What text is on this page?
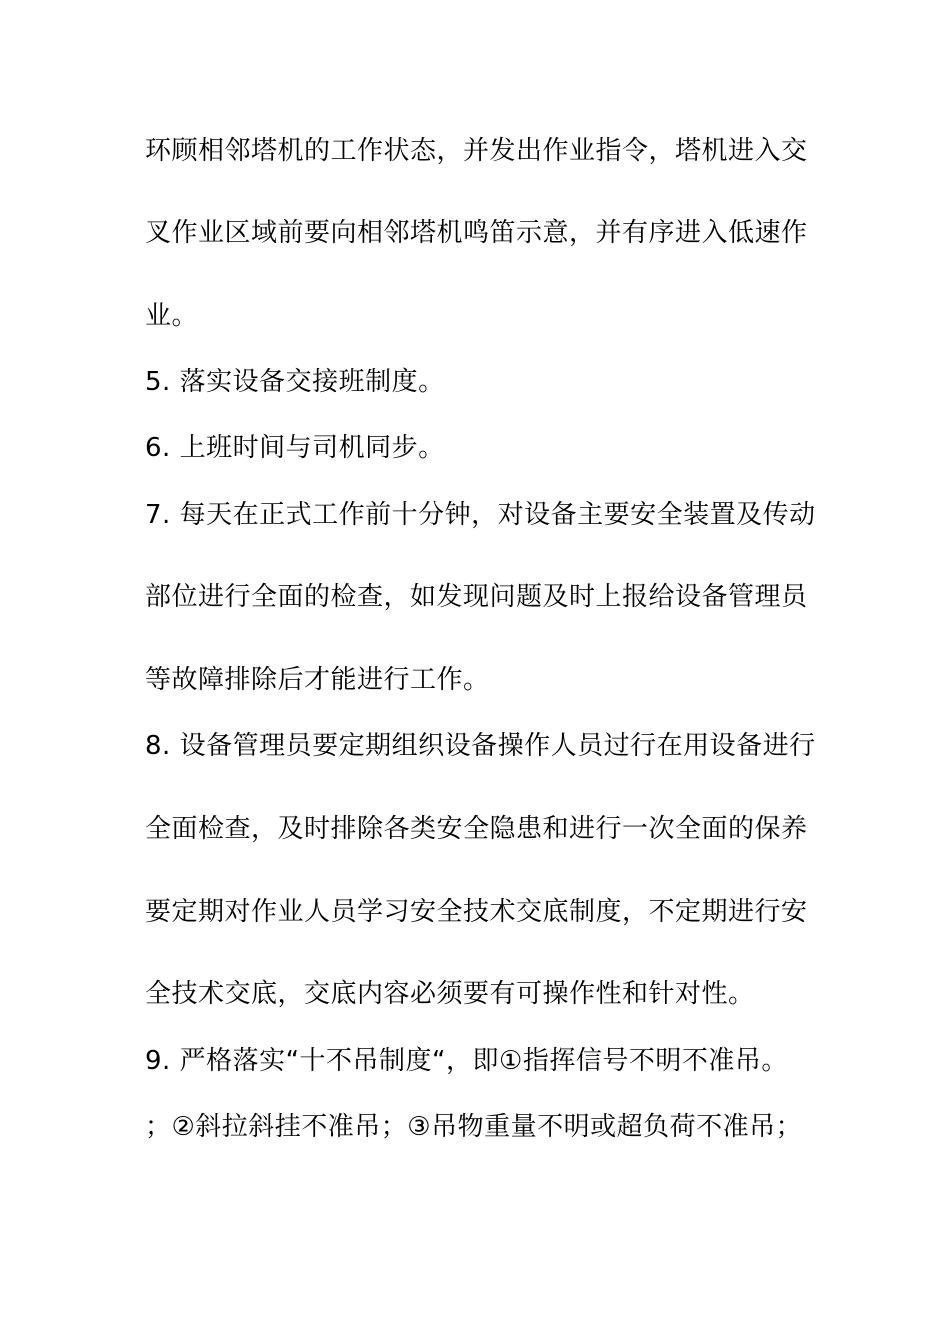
环顾相邻塔机的工作状态，并发出作业指令，塔机进入交
叉作业区域前要向相邻塔机鸣笛示意，并有序进入低速作
业。
5. 落实设备交接班制度。
6. 上班时间与司机同步。
7. 每天在正式工作前十分钟，对设备主要安全装置及传动
部位进行全面的检查，如发现问题及时上报给设备管理员
等故障排除后才能进行工作。
8. 设备管理员要定期组织设备操作人员过行在用设备进行
全面检查，及时排除各类安全隐患和进行一次全面的保养
要定期对作业人员学习安全技术交底制度，不定期进行安
全技术交底，交底内容必须要有可操作性和针对性。
9. 严格落实“十不吊制度“，即①指挥信号不明不准吊。
；②斜拉斜挂不准吊；③吊物重量不明或超负荷不准吊；
